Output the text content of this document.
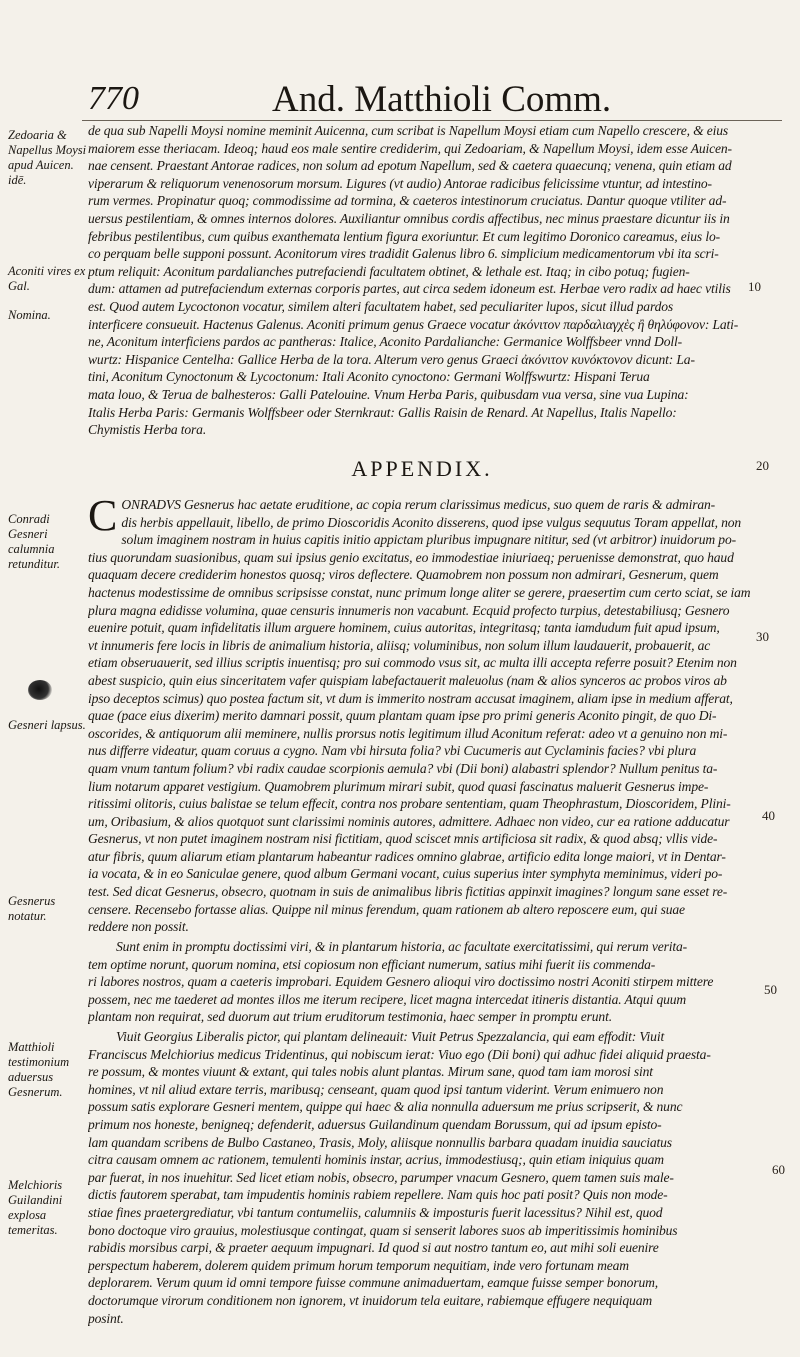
770	And. Matthioli Comm.
Zedoaria & Napellus Moysi apud Auicen. idē.
Aconiti vires ex Gal.
Nomina.
Conradi Gesneri calumnia retunditur.
Gesneri lapsus.
Gesnerus notatur.
Matthioli testimonium aduersus Gesnerum.
Melchioris Guilandini explosa temeritas.
10
20
30
40
50
60
de qua sub Napelli Moysi nomine meminit Auicenna, cum scribat is Napellum Moysi etiam cum Napello crescere, & eius
maiorem esse theriacam. Ideoq; haud eos male sentire crediderim, qui Zedoariam, & Napellum Moysi, idem esse Auicen-
nae censent. Praestant Antorae radices, non solum ad epotum Napellum, sed & caetera quaecunq; venena, quin etiam ad
viperarum & reliquorum venenosorum morsum. Ligures (vt audio) Antorae radicibus felicissime vtuntur, ad intestino-
rum vermes. Propinatur quoq; commodissime ad tormina, & caeteros intestinorum cruciatus. Dantur quoque vtiliter ad-
uersus pestilentiam, & omnes internos dolores. Auxiliantur omnibus cordis affectibus, nec minus praestare dicuntur iis in
febribus pestilentibus, cum quibus exanthemata lentium figura exoriuntur. Et cum legitimo Doronico careamus, eius lo-
co perquam belle supponi possunt. Aconitorum vires tradidit Galenus libro 6. simplicium medicamentorum vbi ita scri-
ptum reliquit: Aconitum pardalianches putrefaciendi facultatem obtinet, & lethale est. Itaq; in cibo potuq; fugien-
dum: attamen ad putrefaciendum externas corporis partes, aut circa sedem idoneum est. Herbae vero radix ad haec vtilis
est. Quod autem Lycoctonon vocatur, similem alteri facultatem habet, sed peculiariter lupos, sicut illud pardos
interficere consueuit. Hactenus Galenus. Aconiti primum genus Graece vocatur ἀκόνιτον παρδαλιαγχὲς ἢ θηλύφονον: Lati-
ne, Aconitum interficiens pardos ac pantheras: Italice, Aconito Pardalianche: Germanice Wolffsbeer vnnd Doll-
wurtz: Hispanice Centelha: Gallice Herba de la tora. Alterum vero genus Graeci ἀκόνιτον κυνόκτονον dicunt: La-
tini, Aconitum Cynoctonum & Lycoctonum: Itali Aconito cynoctono: Germani Wolffswurtz: Hispani Terua
mata louo, & Terua de balhesteros: Galli Patelouine. Vnum Herba Paris, quibusdam vua versa, sine vua Lupina:
Italis Herba Paris: Germanis Wolffsbeer oder Sternkraut: Gallis Raisin de Renard. At Napellus, Italis Napello:
Chymistis Herba tora.
APPENDIX.
C ONRADVS Gesnerus hac aetate eruditione, ac copia rerum clarissimus medicus, suo quem de raris & admiran-
dis herbis appellauit, libello, de primo Dioscoridis Aconito disserens, quod ipse vulgus sequutus Toram appellat, non
solum imaginem nostram in huius capitis initio appictam pluribus impugnare nititur, sed (vt arbitror) inuidorum po-
tius quorundam suasionibus, quam sui ipsius genio excitatus, eo immodestiae iniuriaeq; peruenisse demonstrat, quo haud
quaquam decere crediderim honestos quosq; viros deflectere. Quamobrem non possum non admirari, Gesnerum, quem
hactenus modestissime de omnibus scripsisse constat, nunc primum longe aliter se gerere, praesertim cum certo sciat, se iam
plura magna edidisse volumina, quae censuris innumeris non vacabunt. Ecquid profecto turpius, detestabiliusq; Gesnero
euenire potuit, quam infidelitatis illum arguere hominem, cuius autoritas, integritasq; tanta iamdudum fuit apud ipsum,
vt innumeris fere locis in libris de animalium historia, aliisq; voluminibus, non solum illum laudauerit, probauerit, ac
etiam obseruauerit, sed illius scriptis inuentisq; pro sui commodo vsus sit, ac multa illi accepta referre posuit? Etenim non
abest suspicio, quin eius sinceritatem vafer quispiam labefactauerit maleuolus (nam & alios synceros ac probos viros ab
ipso deceptos scimus) quo postea factum sit, vt dum is immerito nostram accusat imaginem, aliam ipse in medium afferat,
quae (pace eius dixerim) merito damnari possit, quum plantam quam ipse pro primi generis Aconito pingit, de quo Di-
oscorides, & antiquorum alii meminere, nullis prorsus notis legitimum illud Aconitum referat: adeo vt a genuino non mi-
nus differre videatur, quam coruus a cygno. Nam vbi hirsuta folia? vbi Cucumeris aut Cyclaminis facies? vbi plura
quam vnum tantum folium? vbi radix caudae scorpionis aemula? vbi (Dii boni) alabastri splendor? Nullum penitus ta-
lium notarum apparet vestigium. Quamobrem plurimum mirari subit, quod quasi fascinatus maluerit Gesnerus impe-
ritissimi olitoris, cuius balistae se telum effecit, contra nos probare sententiam, quam Theophrastum, Dioscoridem, Plini-
um, Oribasium, & alios quotquot sunt clarissimi nominis autores, admittere. Adhaec non video, cur ea ratione adducatur
Gesnerus, vt non putet imaginem nostram nisi fictitiam, quod sciscet mnis artificiosa sit radix, & quod absq; vllis vide-
atur fibris, quum aliarum etiam plantarum habeantur radices omnino glabrae, artificio edita longe maiori, vt in Dentar-
ia vocata, & in eo Saniculae genere, quod album Germani vocant, cuius superius inter symphyta meminimus, videri po-
test. Sed dicat Gesnerus, obsecro, quotnam in suis de animalibus libris fictitias appinxit imagines? longum sane esset re-
censere. Recensebo fortasse alias. Quippe nil minus ferendum, quam rationem ab altero reposcere eum, qui suae
reddere non possit.
Sunt enim in promptu doctissimi viri, & in plantarum historia, ac facultate exercitatissimi, qui rerum verita-
tem optime norunt, quorum nomina, etsi copiosum non efficiant numerum, satius mihi fuerit iis commenda-
ri labores nostros, quam a caeteris improbari. Equidem Gesnero alioqui viro doctissimo nostri Aconiti stirpem mittere
possem, nec me taederet ad montes illos me iterum recipere, licet magna intercedat itineris distantia. Atqui quum
plantam non requirat, sed duorum aut trium eruditorum testimonia, haec semper in promptu erunt.
Viuit Georgius Liberalis pictor, qui plantam delineauit: Viuit Petrus Spezzalancia, qui eam effodit: Viuit
Franciscus Melchiorius medicus Tridentinus, qui nobiscum ierat: Viuo ego (Dii boni) qui adhuc fidei aliquid praesta-
re possum, & montes viuunt & extant, qui tales nobis alunt plantas. Mirum sane, quod tam iam morosi sint
homines, vt nil aliud extare terris, maribusq; censeant, quam quod ipsi tantum viderint. Verum enimuero non
possum satis explorare Gesneri mentem, quippe qui haec & alia nonnulla aduersum me prius scripserit, & nunc
primum nos honeste, benigneq; defenderit, aduersus Guilandinum quendam Borussum, qui ad ipsum episto-
lam quandam scribens de Bulbo Castaneo, Trasis, Moly, aliisque nonnullis barbara quadam inuidia sauciatus
citra causam omnem ac rationem, temulenti hominis instar, acrius, immodestiusq;, quin etiam iniquius quam
par fuerat, in nos inuehitur. Sed licet etiam nobis, obsecro, parumper vnacum Gesnero, quem tamen suis male-
dictis fautorem sperabat, tam impudentis hominis rabiem repellere. Nam quis hoc pati posit? Quis non mode-
stiae fines praetergrediatur, vbi tantum contumeliis, calumniis & imposturis fuerit lacessitus? Nihil est, quod
bono doctoque viro grauius, molestiusque contingat, quam si senserit labores suos ab imperitissimis hominibus
rabidis morsibus carpi, & praeter aequum impugnari. Id quod si aut nostro tantum eo, aut mihi soli euenire
perspectum haberem, dolerem quidem primum horum temporum nequitiam, inde vero fortunam meam
deplorarem. Verum quum id omni tempore fuisse commune animaduertam, eamque fuisse semper bonorum,
doctorumque virorum conditionem non ignorem, vt inuidorum tela euitare, rabiemque effugere nequiquam
posint.
